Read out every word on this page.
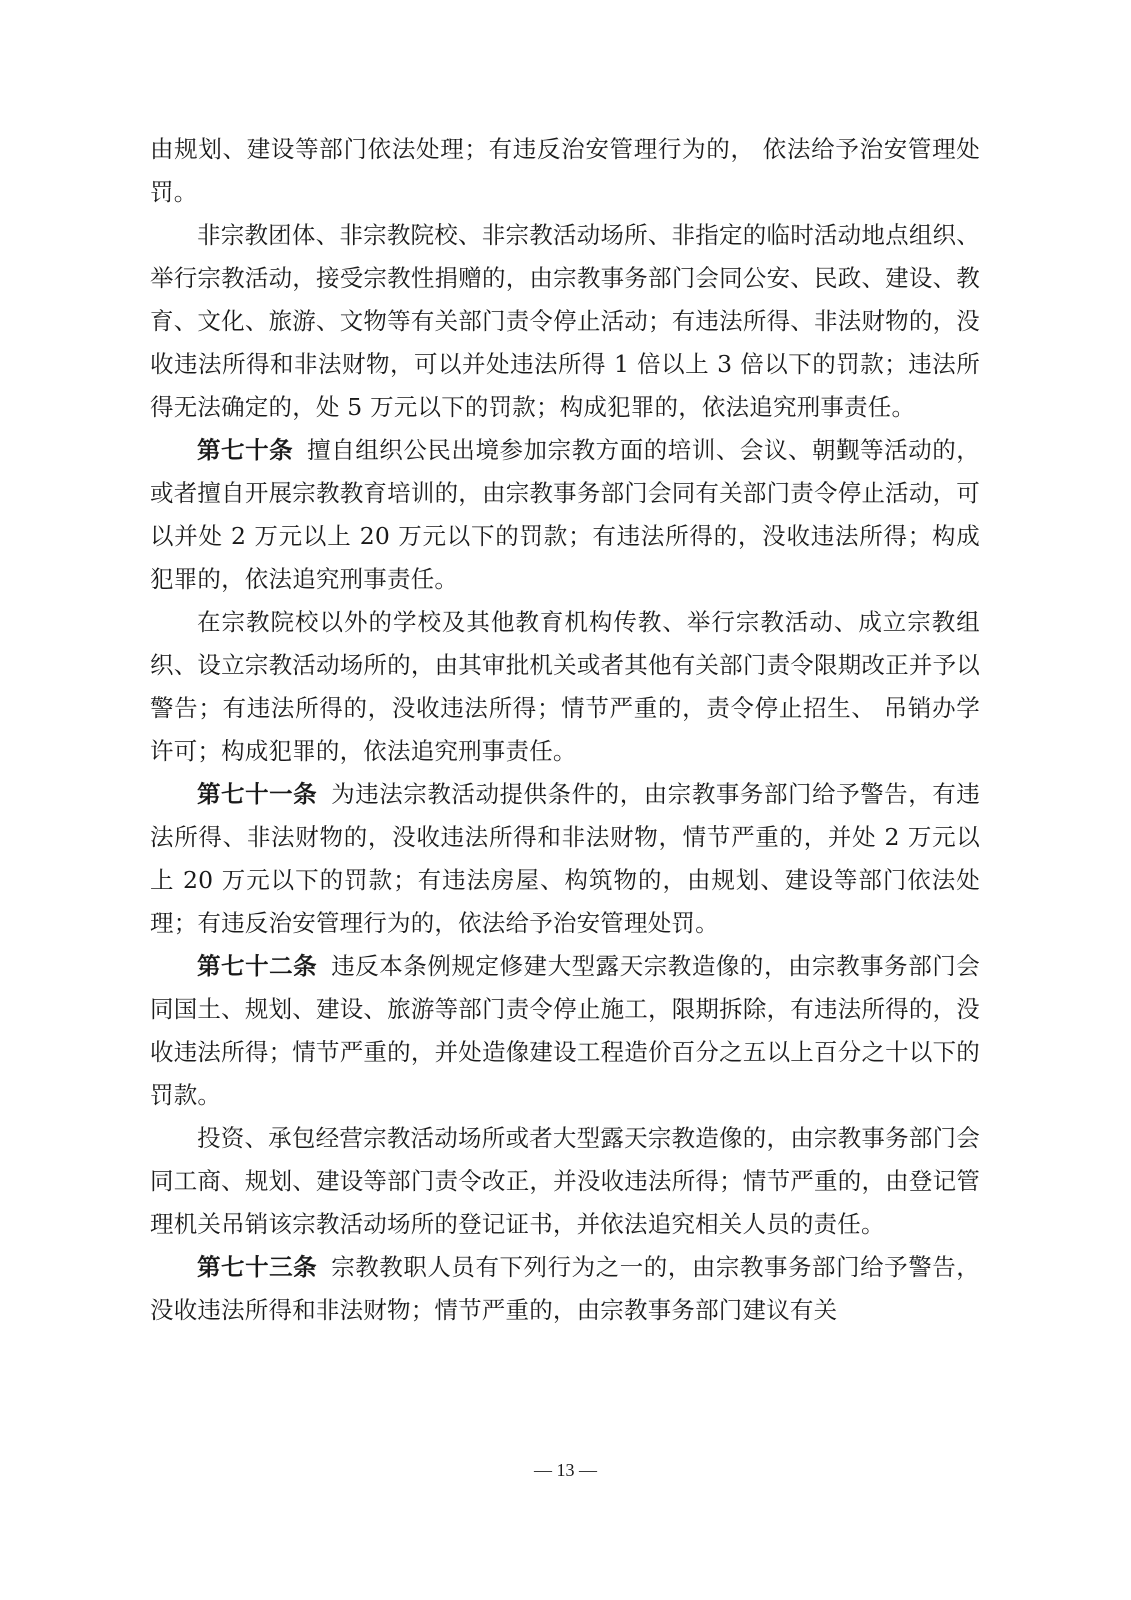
由规划、建设等部门依法处理；有违反治安管理行为的， 依法给予治安管理处罚。

非宗教团体、非宗教院校、非宗教活动场所、非指定的临时活动地点组织、举行宗教活动，接受宗教性捐赠的，由宗教事务部门会同公安、民政、建设、教育、文化、旅游、文物等有关部门责令停止活动；有违法所得、非法财物的，没收违法所得和非法财物，可以并处违法所得 1 倍以上 3 倍以下的罚款；违法所得无法确定的，处 5 万元以下的罚款；构成犯罪的，依法追究刑事责任。

第七十条 擅自组织公民出境参加宗教方面的培训、会议、朝觐等活动的，或者擅自开展宗教教育培训的，由宗教事务部门会同有关部门责令停止活动，可以并处 2 万元以上 20 万元以下的罚款；有违法所得的，没收违法所得；构成犯罪的，依法追究刑事责任。

在宗教院校以外的学校及其他教育机构传教、举行宗教活动、成立宗教组织、设立宗教活动场所的，由其审批机关或者其他有关部门责令限期改正并予以警告；有违法所得的，没收违法所得；情节严重的，责令停止招生、 吊销办学许可；构成犯罪的，依法追究刑事责任。

第七十一条 为违法宗教活动提供条件的，由宗教事务部门给予警告，有违法所得、非法财物的，没收违法所得和非法财物，情节严重的，并处 2 万元以上 20 万元以下的罚款；有违法房屋、构筑物的，由规划、建设等部门依法处理；有违反治安管理行为的，依法给予治安管理处罚。

第七十二条 违反本条例规定修建大型露天宗教造像的，由宗教事务部门会同国土、规划、建设、旅游等部门责令停止施工，限期拆除，有违法所得的，没收违法所得；情节严重的，并处造像建设工程造价百分之五以上百分之十以下的罚款。

投资、承包经营宗教活动场所或者大型露天宗教造像的，由宗教事务部门会同工商、规划、建设等部门责令改正，并没收违法所得；情节严重的，由登记管理机关吊销该宗教活动场所的登记证书，并依法追究相关人员的责任。

第七十三条 宗教教职人员有下列行为之一的，由宗教事务部门给予警告，没收违法所得和非法财物；情节严重的，由宗教事务部门建议有关

— 13 —
